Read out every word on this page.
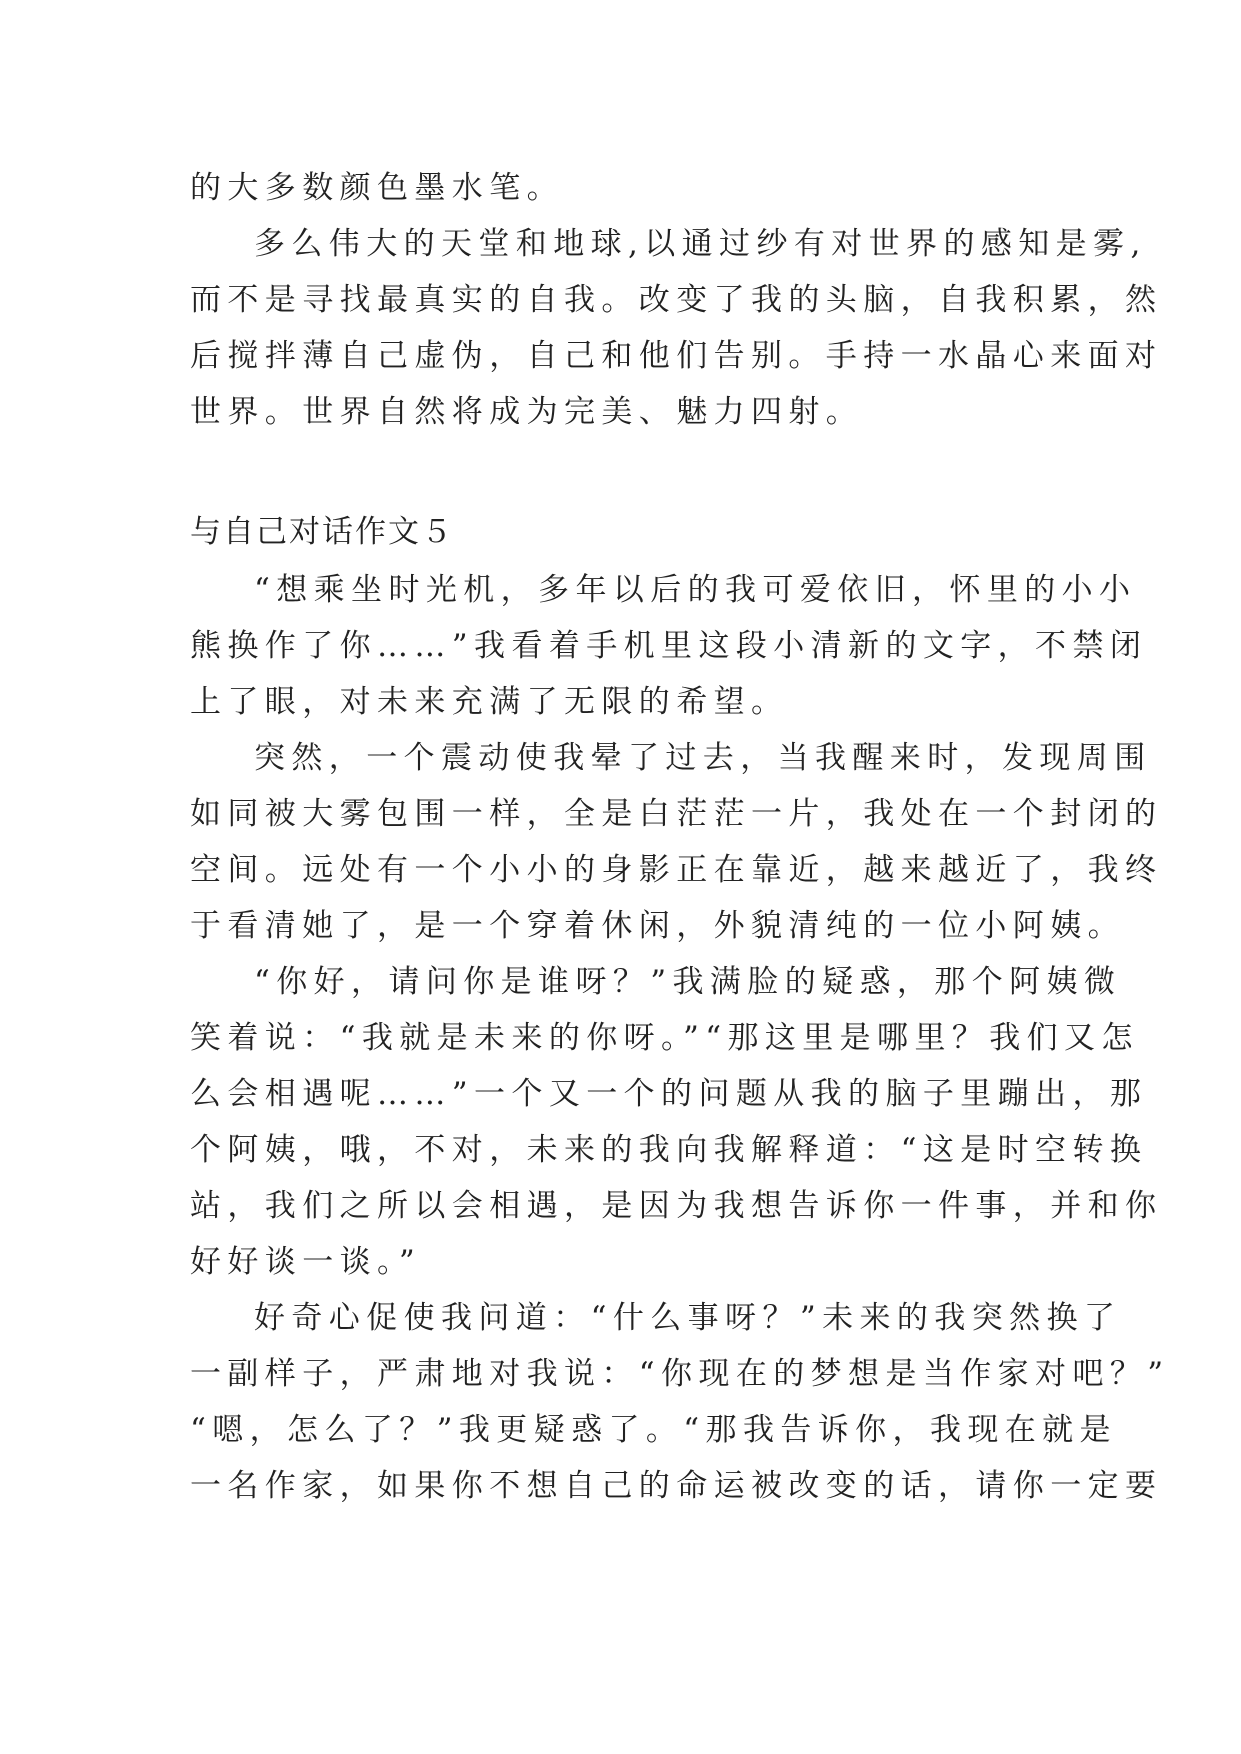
的大多数颜色墨水笔。
多么伟大的天堂和地球,以通过纱有对世界的感知是雾,
而不是寻找最真实的自我。改变了我的头脑，自我积累，然
后搅拌薄自己虚伪，自己和他们告别。手持一水晶心来面对
世界。世界自然将成为完美、魅力四射。
与自己对话作文５
“想乘坐时光机，多年以后的我可爱依旧，怀里的小小
熊换作了你……”我看着手机里这段小清新的文字，不禁闭
上了眼，对未来充满了无限的希望。
突然，一个震动使我晕了过去，当我醒来时，发现周围
如同被大雾包围一样，全是白茫茫一片，我处在一个封闭的
空间。远处有一个小小的身影正在靠近，越来越近了，我终
于看清她了，是一个穿着休闲，外貌清纯的一位小阿姨。
“你好，请问你是谁呀？”我满脸的疑惑，那个阿姨微
笑着说：“我就是未来的你呀。”“那这里是哪里？我们又怎
么会相遇呢……”一个又一个的问题从我的脑子里蹦出，那
个阿姨，哦，不对，未来的我向我解释道：“这是时空转换
站，我们之所以会相遇，是因为我想告诉你一件事，并和你
好好谈一谈。”
好奇心促使我问道：“什么事呀？”未来的我突然换了
一副样子，严肃地对我说：“你现在的梦想是当作家对吧？”
“嗯，怎么了？”我更疑惑了。“那我告诉你，我现在就是
一名作家，如果你不想自己的命运被改变的话，请你一定要
